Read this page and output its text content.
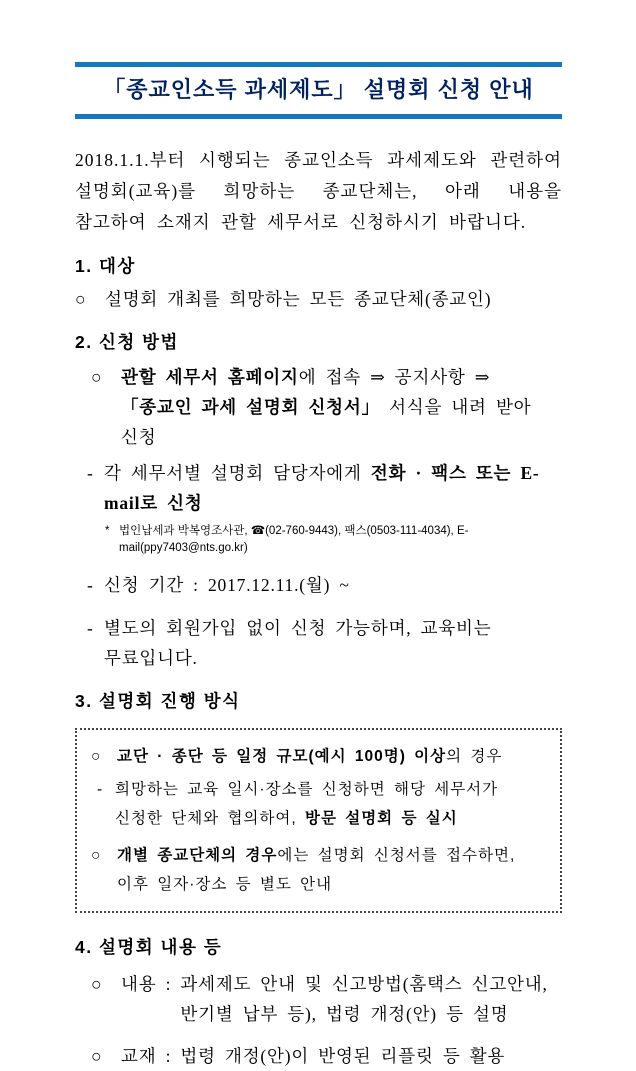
「종교인소득 과세제도」 설명회 신청 안내

2018.1.1.부터 시행되는 종교인소득 과세제도와 관련하여 설명회(교육)를 희망하는 종교단체는, 아래 내용을 참고하여 소재지 관할 세무서로 신청하시기 바랍니다.

1. 대상
○ 설명회 개최를 희망하는 모든 종교단체(종교인)
2. 신청 방법
○ 관할 세무서 홈페이지에 접속 ⇒ 공지사항 ⇒ 「종교인 과세 설명회 신청서」 서식을 내려 받아 신청
- 각 세무서별 설명회 담당자에게 전화 · 팩스 또는 E-mail로 신청
* 법인납세과 박복영조사관, ☎(02-760-9443), 팩스(0503-111-4034), E-mail(ppy7403@nts.go.kr)
- 신청 기간 : 2017.12.11.(월) ~
- 별도의 회원가입 없이 신청 가능하며, 교육비는 무료입니다.
3. 설명회 진행 방식
○ 교단 · 종단 등 일정 규모(예시 100명) 이상의 경우
- 희망하는 교육 일시·장소를 신청하면 해당 세무서가 신청한 단체와 협의하여, 방문 설명회 등 실시
○ 개별 종교단체의 경우에는 설명회 신청서를 접수하면, 이후 일자·장소 등 별도 안내
4. 설명회 내용 등
○	내용 : 과세제도 안내 및 신고방법(홈택스 신고안내, 반기별 납부 등), 법령 개정(안) 등 설명
○	교재 : 법령 개정(안)이 반영된 리플릿 등 활용
